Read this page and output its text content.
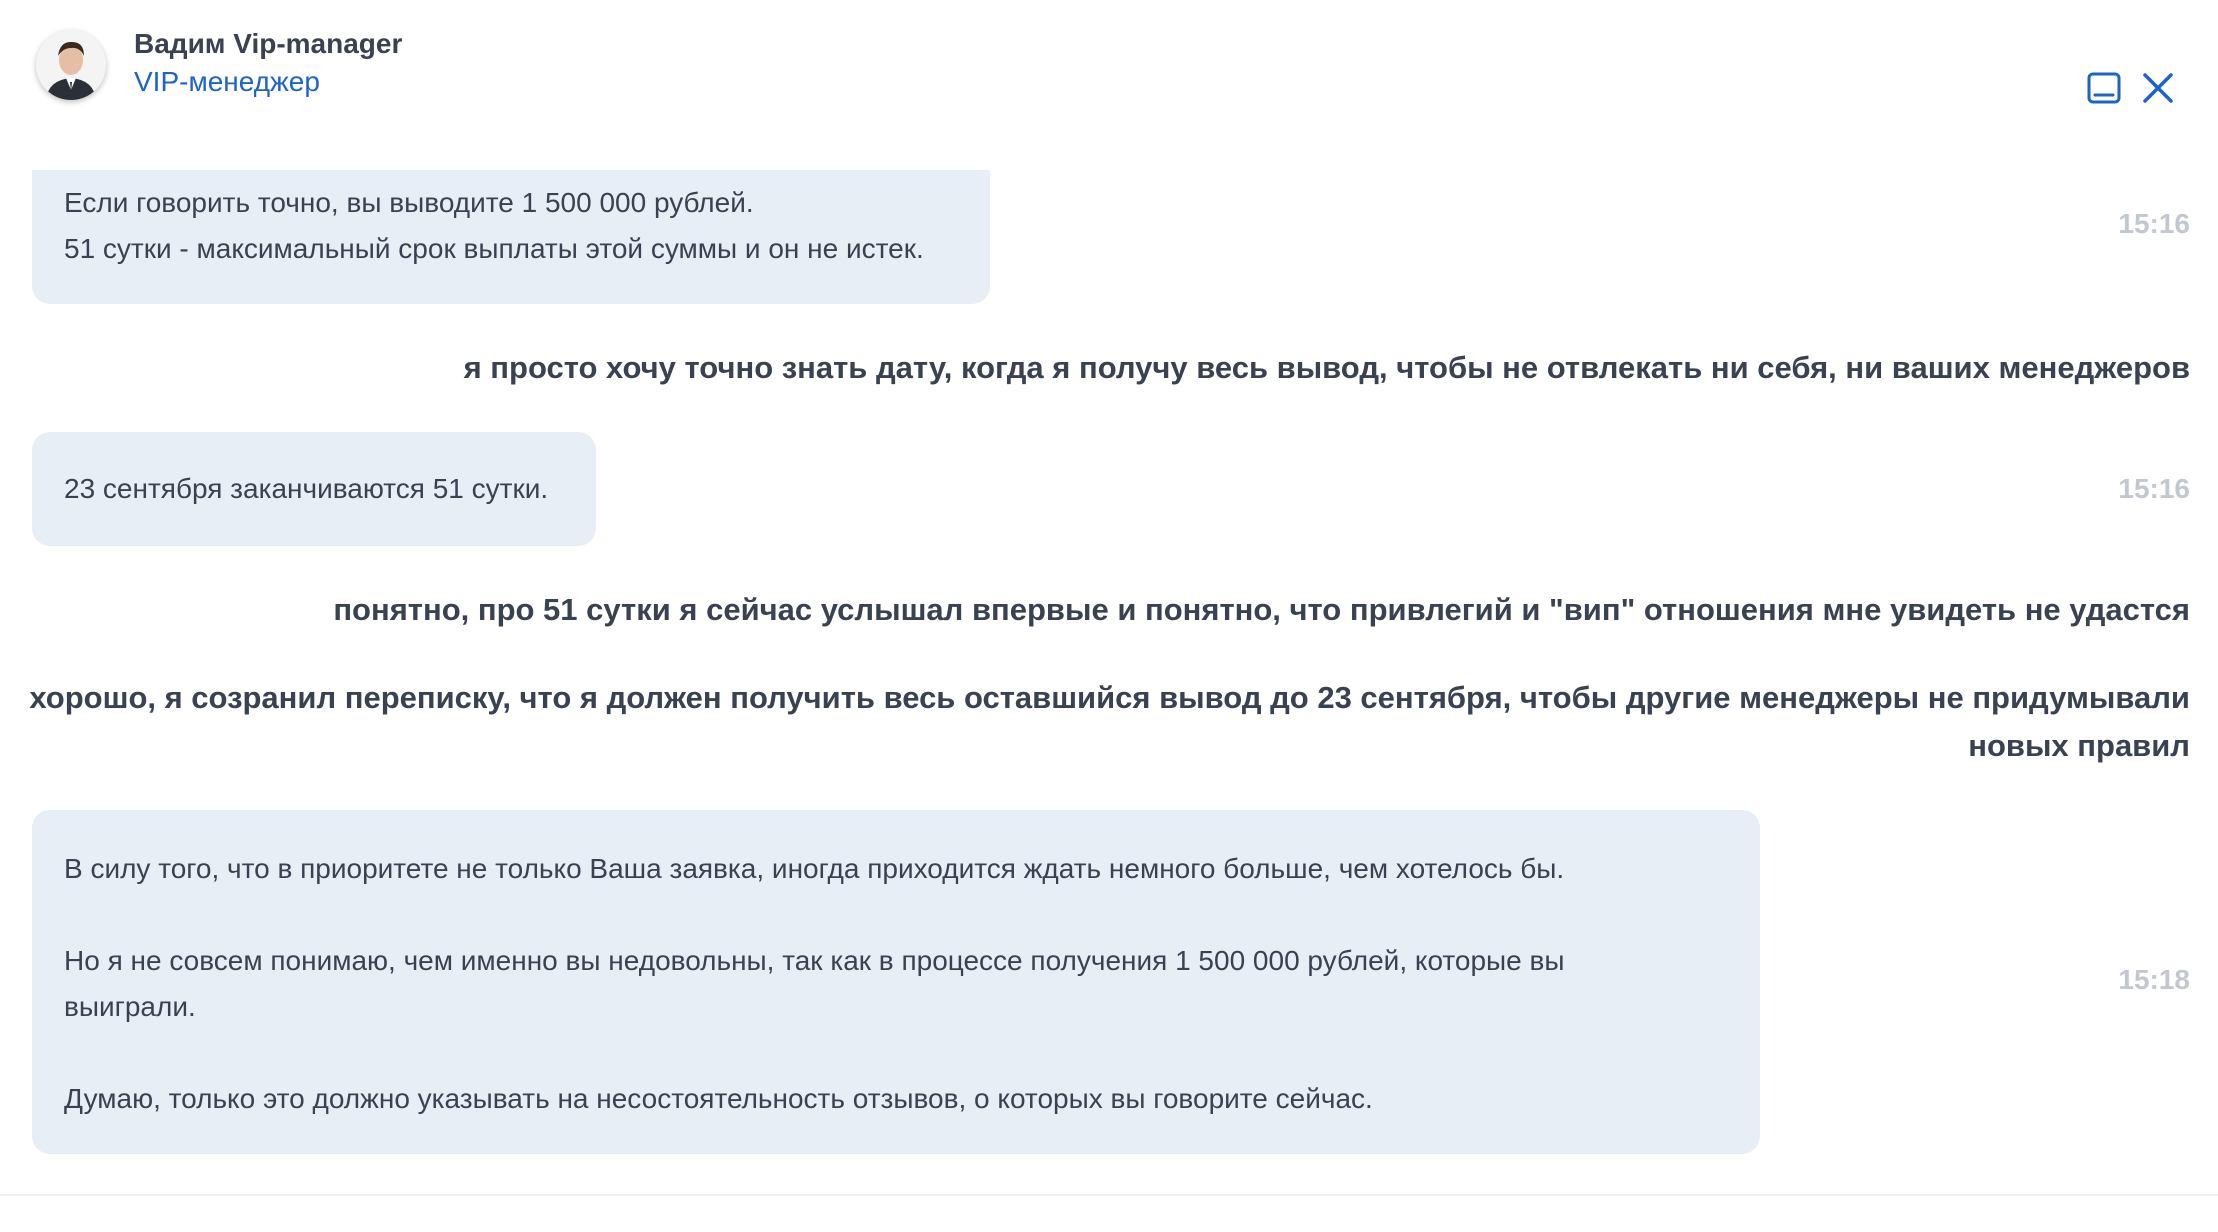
Вадим Vip-manager
VIP-менеджер

Если говорить точно, вы выводите 1 500 000 рублей.

51 сутки - максимальный срок выплаты этой суммы и он не истек.

15:16
я просто хочу точно знать дату, когда я получу весь вывод, чтобы не отвлекать ни себя, ни ваших менеджеров

23 сентября заканчиваются 51 сутки.	15:16
понятно, про 51 сутки я сейчас услышал впервые и понятно, что привлегий и "вип" отношения мне увидеть не удастся
хорошо, я созранил переписку, что я должен получить весь оставшийся вывод до 23 сентября, чтобы другие менеджеры не придумывали
новых правил

В силу того, что в приоритете не только Ваша заявка, иногда приходится ждать немного больше, чем хотелось бы.

Но я не совсем понимаю, чем именно вы недовольны, так как в процессе получения 1 500 000 рублей, которые вы

выиграли.

Думаю, только это должно указывать на несостоятельность отзывов, о которых вы говорите сейчас.

15:18
